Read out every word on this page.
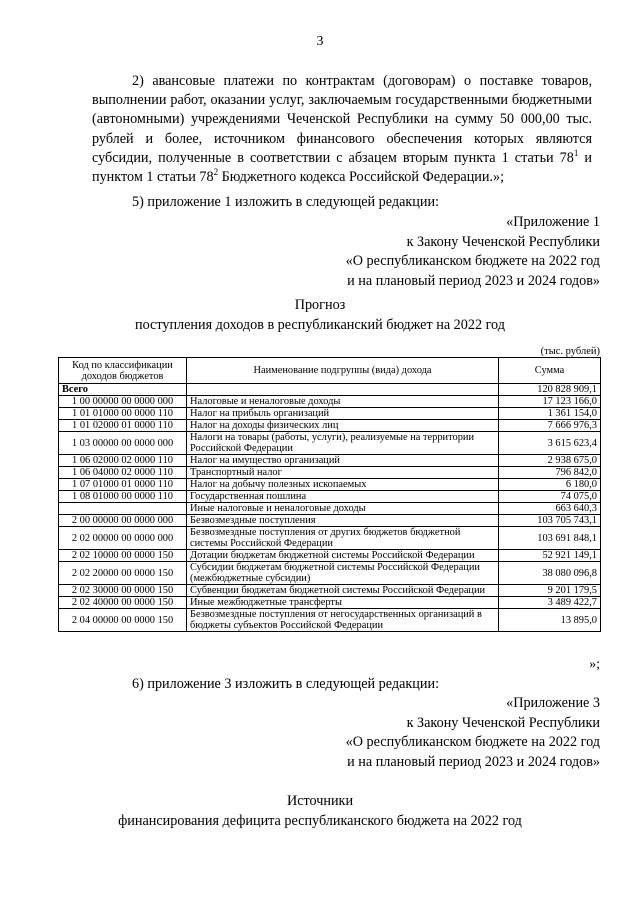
3
2) авансовые платежи по контрактам (договорам) о поставке товаров, выполнении работ, оказании услуг, заключаемым государственными бюджетными (автономными) учреждениями Чеченской Республики на сумму 50 000,00 тыс. рублей и более, источником финансового обеспечения которых являются субсидии, полученные в соответствии с абзацем вторым пункта 1 статьи $78^1$ и пунктом 1 статьи $78^2$ Бюджетного кодекса Российской Федерации.»;
5) приложение 1 изложить в следующей редакции:
«Приложение 1
к Закону Чеченской Республики
«О республиканском бюджете на 2022 год
и на плановый период 2023 и 2024 годов»
Прогноз
поступления доходов в республиканский бюджет на 2022 год
(тыс. рублей)
Код по классификации доходов бюджетов	Наименование подгруппы (вида) дохода	Сумма
Всего		120 828 909,1
1 00 00000 00 0000 000	Налоговые и неналоговые доходы	17 123 166,0
1 01 01000 00 0000 110	Налог на прибыль организаций	1 361 154,0
1 01 02000 01 0000 110	Налог на доходы физических лиц	7 666 976,3
1 03 00000 00 0000 000	Налоги на товары (работы, услуги), реализуемые на территории Российской Федерации	3 615 623,4
1 06 02000 02 0000 110	Налог на имущество организаций	2 938 675,0
1 06 04000 02 0000 110	Транспортный налог	796 842,0
1 07 01000 01 0000 110	Налог на добычу полезных ископаемых	6 180,0
1 08 01000 00 0000 110	Государственная пошлина	74 075,0
	Иные налоговые и неналоговые доходы	663 640,3
2 00 00000 00 0000 000	Безвозмездные поступления	103 705 743,1
2 02 00000 00 0000 000	Безвозмездные поступления от других бюджетов бюджетной системы Российской Федерации	103 691 848,1
2 02 10000 00 0000 150	Дотации бюджетам бюджетной системы Российской Федерации	52 921 149,1
2 02 20000 00 0000 150	Субсидии бюджетам бюджетной системы Российской Федерации (межбюджетные субсидии)	38 080 096,8
2 02 30000 00 0000 150	Субвенции бюджетам бюджетной системы Российской Федерации	9 201 179,5
2 02 40000 00 0000 150	Иные межбюджетные трансферты	3 489 422,7
2 04 00000 00 0000 150	Безвозмездные поступления от негосударственных организаций в бюджеты субъектов Российской Федерации	13 895,0
»;
6) приложение 3 изложить в следующей редакции:
«Приложение 3
к Закону Чеченской Республики
«О республиканском бюджете на 2022 год
и на плановый период 2023 и 2024 годов»
Источники
финансирования дефицита республиканского бюджета на 2022 год
